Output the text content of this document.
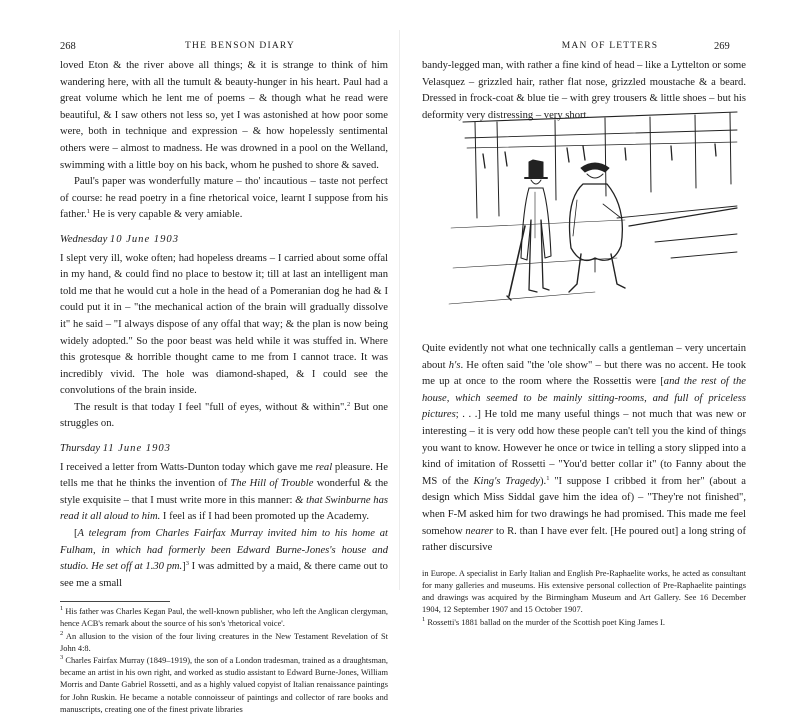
268	THE BENSON DIARY

loved Eton & the river above all things; & it is strange to think of him wandering here, with all the tumult & beauty-hunger in his heart. Paul had a great volume which he lent me of poems – & though what he read were beautiful, & I saw others not less so, yet I was astonished at how poor some were, both in technique and expression – & how hopelessly sentimental others were – almost to madness. He was drowned in a pool on the Welland, swimming with a little boy on his back, whom he pushed to shore & saved.

Paul's paper was wonderfully mature – tho' incautious – taste not perfect of course: he read poetry in a fine rhetorical voice, learnt I suppose from his father.$^1$ He is very capable & very amiable.

Wednesday 10 June 1903

I slept very ill, woke often; had hopeless dreams – I carried about some offal in my hand, & could find no place to bestow it; till at last an intelligent man told me that he would cut a hole in the head of a Pomeranian dog he had & I could put it in – "the mechanical action of the brain will gradually dissolve it" he said – "I always dispose of any offal that way; & the plan is now being widely adopted." So the poor beast was held while it was stuffed in. Where this grotesque & horrible thought came to me from I cannot trace. It was incredibly vivid. The hole was diamond-shaped, & I could see the convolutions of the brain inside.

The result is that today I feel "full of eyes, without & within".$^2$ But one struggles on.

Thursday 11 June 1903

I received a letter from Watts-Dunton today which gave me real pleasure. He tells me that he thinks the invention of The Hill of Trouble wonderful & the style exquisite – that I must write more in this manner: & that Swinburne has read it all aloud to him. I feel as if I had been promoted up the Academy.

[A telegram from Charles Fairfax Murray invited him to his home at Fulham, in which had formerly been Edward Burne-Jones's house and studio. He set off at 1.30 pm.]$^3$ I was admitted by a maid, & there came out to see me a small

$^1$ His father was Charles Kegan Paul, the well-known publisher, who left the Anglican clergyman, hence ACB's remark about the source of his son's 'rhetorical voice'.
$^2$ An allusion to the vision of the four living creatures in the New Testament Revelation of St John 4:8.
$^3$ Charles Fairfax Murray (1849–1919), the son of a London tradesman, trained as a draughtsman, became an artist in his own right, and worked as studio assistant to Edward Burne-Jones, William Morris and Dante Gabriel Rossetti, and as a highly valued copyist of Italian renaissance paintings for John Ruskin. He became a notable connoisseur of paintings and collector of rare books and manuscripts, creating one of the finest private libraries
MAN OF LETTERS	269

bandy-legged man, with rather a fine kind of head – like a Lyttelton or some Velasquez – grizzled hair, rather flat nose, grizzled moustache & a beard. Dressed in frock-coat & blue tie – with grey trousers & little shoes – but his deformity very distressing – very short.

Quite evidently not what one technically calls a gentleman – very uncertain about h's. He often said "the 'ole show" – but there was no accent. He took me up at once to the room where the Rossettis were [and the rest of the house, which seemed to be mainly sitting-rooms, and full of priceless pictures; . . .] He told me many useful things – not much that was new or interesting – it is very odd how these people can't tell you the kind of things you want to know. However he once or twice in telling a story slipped into a kind of imitation of Rossetti – "You'd better collar it" (to Fanny about the MS of the King's Tragedy).$^1$ "I suppose I cribbed it from her" (about a design which Miss Siddal gave him the idea of) – "They're not finished", when F-M asked him for two drawings he had promised. This made me feel somehow nearer to R. than I have ever felt. [He poured out] a long string of rather discursive

in Europe. A specialist in Early Italian and English Pre-Raphaelite works, he acted as consultant for many galleries and museums. His extensive personal collection of Pre-Raphaelite paintings and drawings was acquired by the Birmingham Museum and Art Gallery. See 16 December 1904, 12 September 1907 and 15 October 1907.
$^1$ Rossetti's 1881 ballad on the murder of the Scottish poet King James I.
